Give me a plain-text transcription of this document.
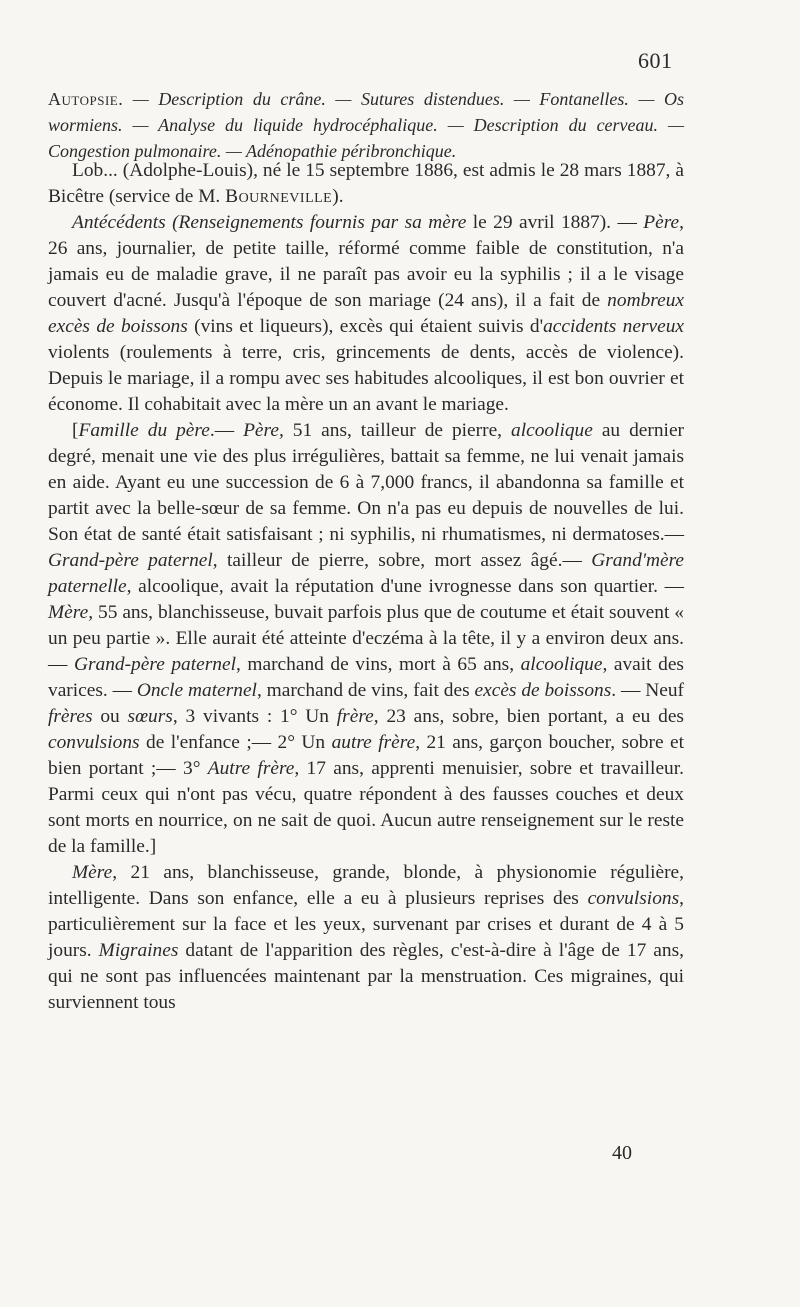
601
Autopsie. — Description du crâne. — Sutures distendues. — Fontanelles. — Os wormiens. — Analyse du liquide hydrocéphalique. — Description du cerveau. — Congestion pulmonaire. — Adénopathie péribronchique.

Lob... (Adolphe-Louis), né le 15 septembre 1886, est admis le 28 mars 1887, à Bicêtre (service de M. Bourneville).

Antécédents (Renseignements fournis par sa mère le 29 avril 1887). — Père, 26 ans, journalier, de petite taille, réformé comme faible de constitution, n'a jamais eu de maladie grave, il ne paraît pas avoir eu la syphilis ; il a le visage couvert d'acné. Jusqu'à l'époque de son mariage (24 ans), il a fait de nombreux excès de boissons (vins et liqueurs), excès qui étaient suivis d'accidents nerveux violents (roulements à terre, cris, grincements de dents, accès de violence). Depuis le mariage, il a rompu avec ses habitudes alcooliques, il est bon ouvrier et économe. Il cohabitait avec la mère un an avant le mariage.

[Famille du père.— Père, 51 ans, tailleur de pierre, alcoolique au dernier degré, menait une vie des plus irrégulières, battait sa femme, ne lui venait jamais en aide. Ayant eu une succession de 6 à 7,000 francs, il abandonna sa famille et partit avec la belle-sœur de sa femme. On n'a pas eu depuis de nouvelles de lui. Son état de santé était satisfaisant ; ni syphilis, ni rhumatismes, ni dermatoses.— Grand-père paternel, tailleur de pierre, sobre, mort assez âgé.— Grand'mère paternelle, alcoolique, avait la réputation d'une ivrognesse dans son quartier. — Mère, 55 ans, blanchisseuse, buvait parfois plus que de coutume et était souvent « un peu partie ». Elle aurait été atteinte d'eczéma à la tête, il y a environ deux ans. — Grand-père paternel, marchand de vins, mort à 65 ans, alcoolique, avait des varices. — Oncle maternel, marchand de vins, fait des excès de boissons. — Neuf frères ou sœurs, 3 vivants : 1° Un frère, 23 ans, sobre, bien portant, a eu des convulsions de l'enfance ;— 2° Un autre frère, 21 ans, garçon boucher, sobre et bien portant ;— 3° Autre frère, 17 ans, apprenti menuisier, sobre et travailleur. Parmi ceux qui n'ont pas vécu, quatre répondent à des fausses couches et deux sont morts en nourrice, on ne sait de quoi. Aucun autre renseignement sur le reste de la famille.]

Mère, 21 ans, blanchisseuse, grande, blonde, à physionomie régulière, intelligente. Dans son enfance, elle a eu à plusieurs reprises des convulsions, particulièrement sur la face et les yeux, survenant par crises et durant de 4 à 5 jours. Migraines datant de l'apparition des règles, c'est-à-dire à l'âge de 17 ans, qui ne sont pas influencées maintenant par la menstruation. Ces migraines, qui surviennent tous

40
